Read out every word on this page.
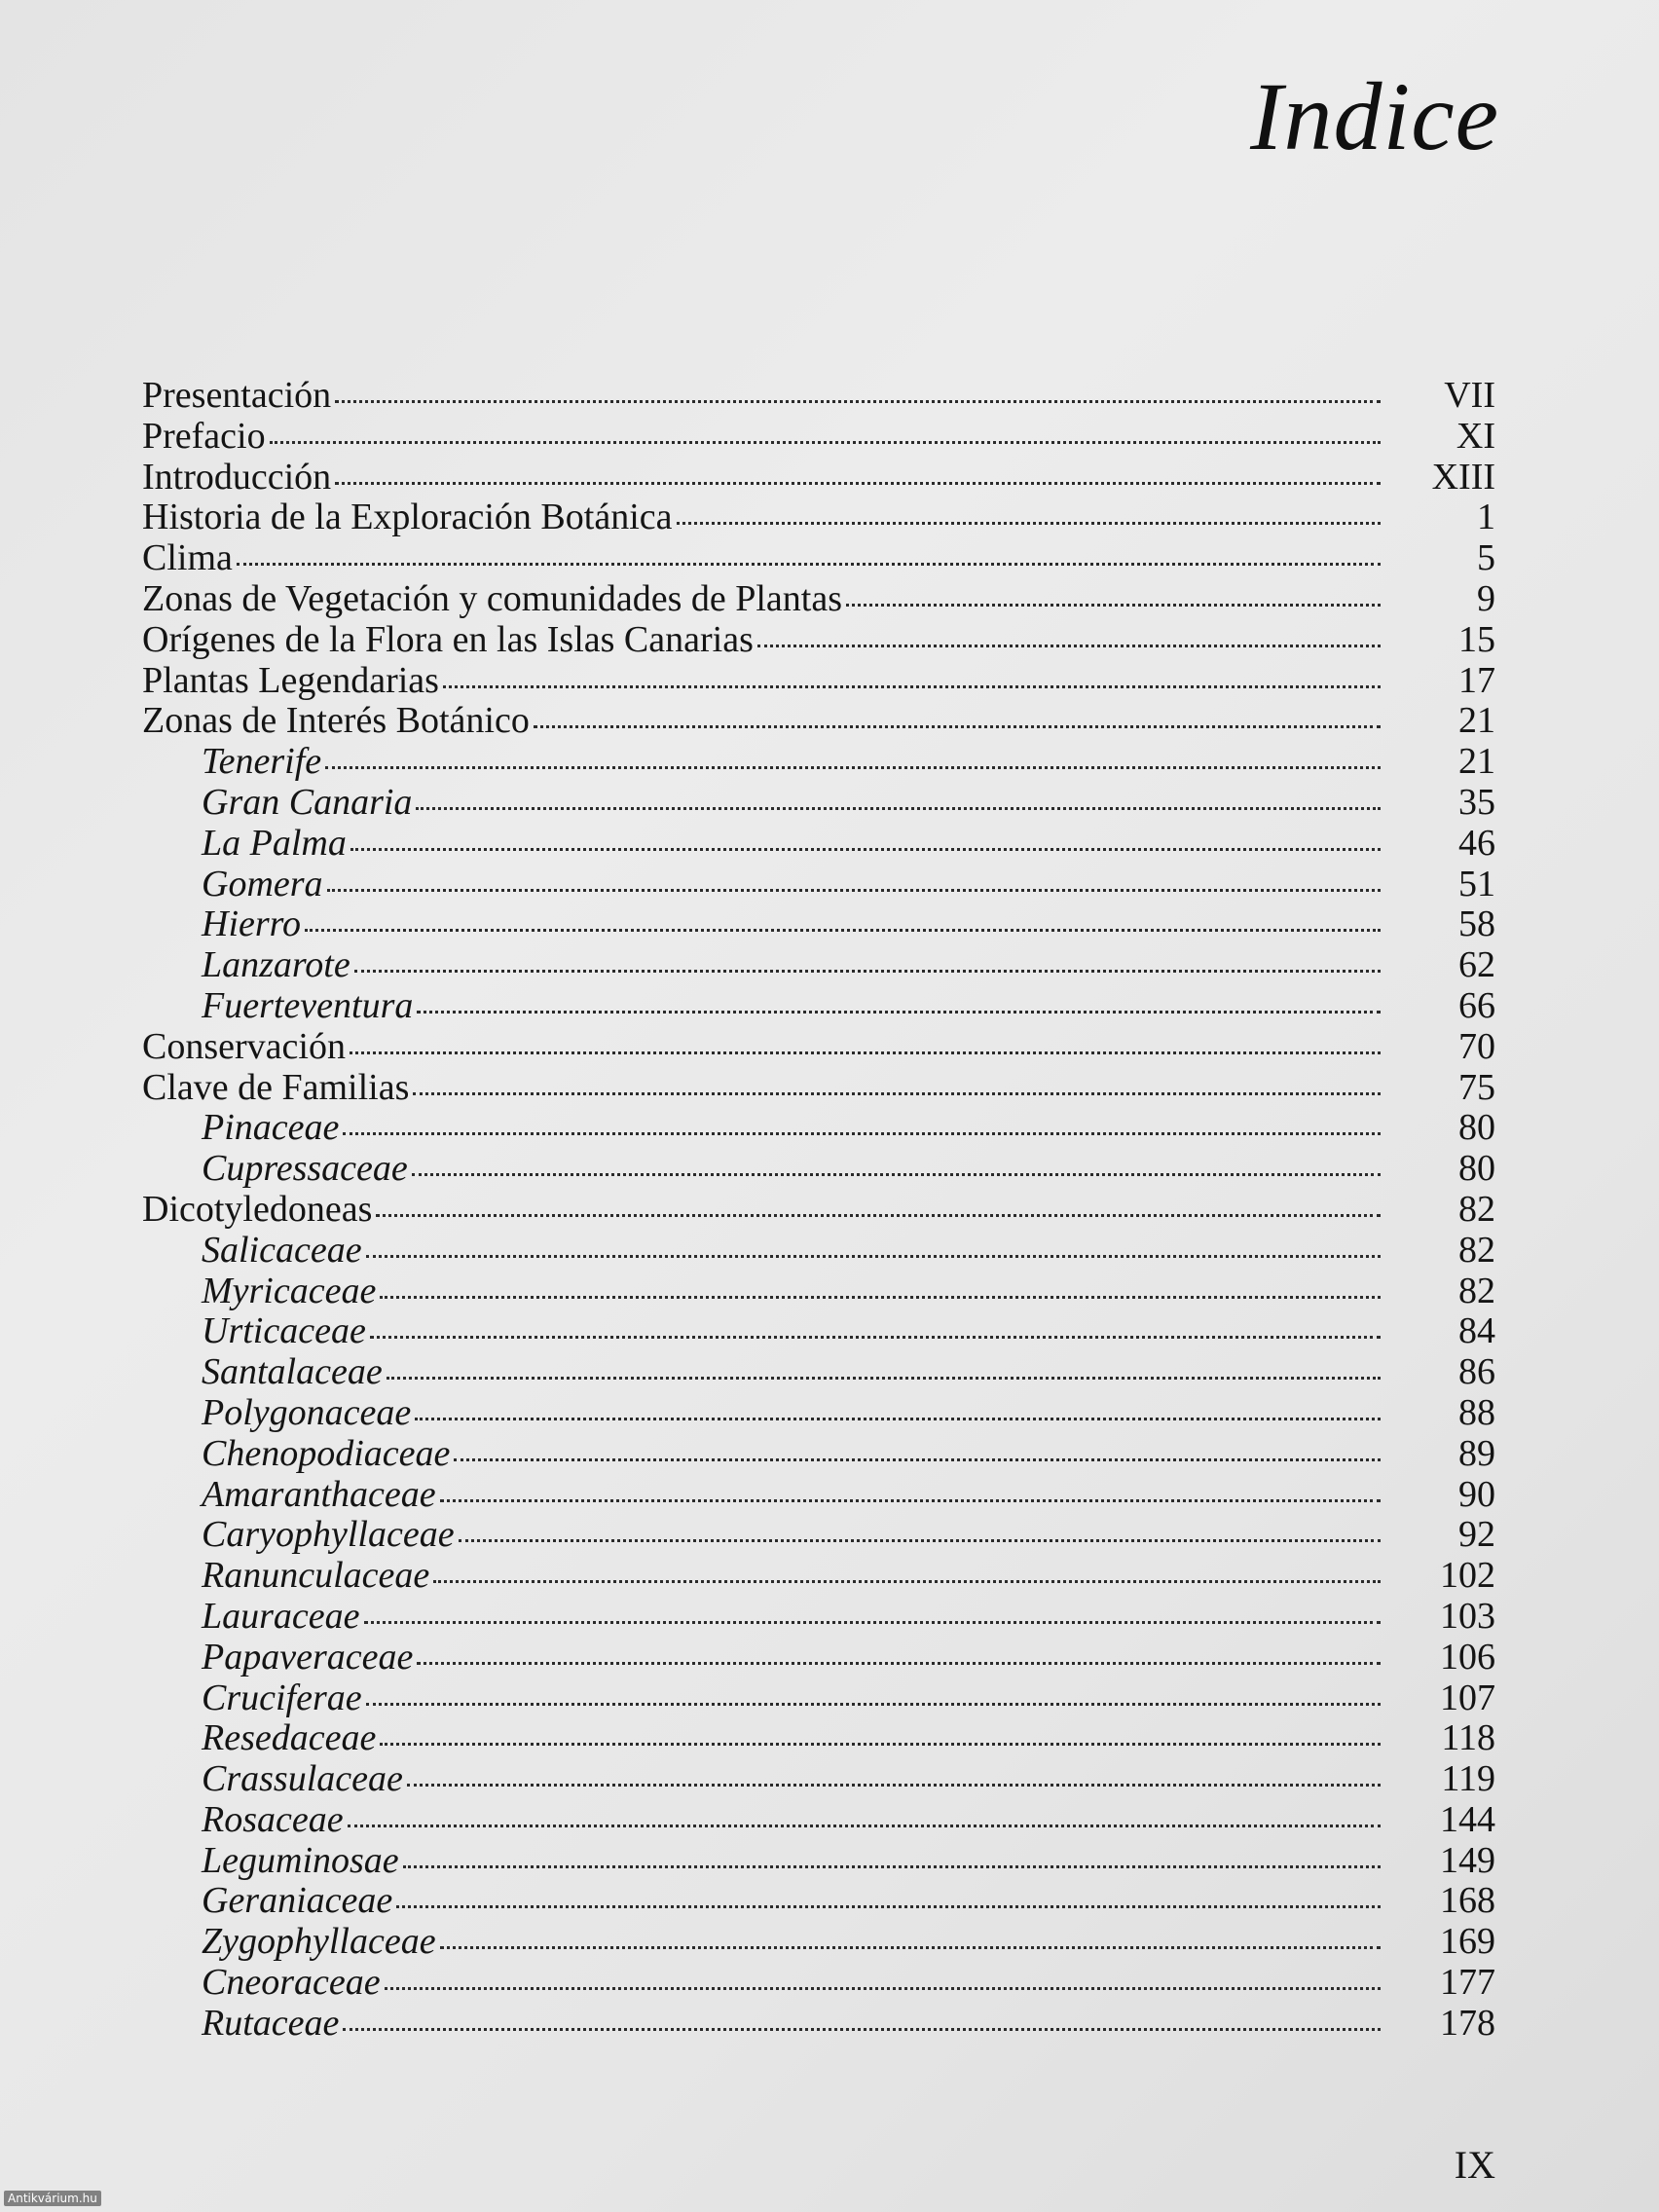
Indice
Presentación	VII
Prefacio	XI
Introducción	XIII
Historia de la Exploración Botánica	1
Clima	5
Zonas de Vegetación y comunidades de Plantas	9
Orígenes de la Flora en las Islas Canarias	15
Plantas Legendarias	17
Zonas de Interés Botánico	21
Tenerife	21
Gran Canaria	35
La Palma	46
Gomera	51
Hierro	58
Lanzarote	62
Fuerteventura	66
Conservación	70
Clave de Familias	75
Pinaceae	80
Cupressaceae	80
Dicotyledoneas	82
Salicaceae	82
Myricaceae	82
Urticaceae	84
Santalaceae	86
Polygonaceae	88
Chenopodiaceae	89
Amaranthaceae	90
Caryophyllaceae	92
Ranunculaceae	102
Lauraceae	103
Papaveraceae	106
Cruciferae	107
Resedaceae	118
Crassulaceae	119
Rosaceae	144
Leguminosae	149
Geraniaceae	168
Zygophyllaceae	169
Cneoraceae	177
Rutaceae	178
IX
Antikvárium.hu
